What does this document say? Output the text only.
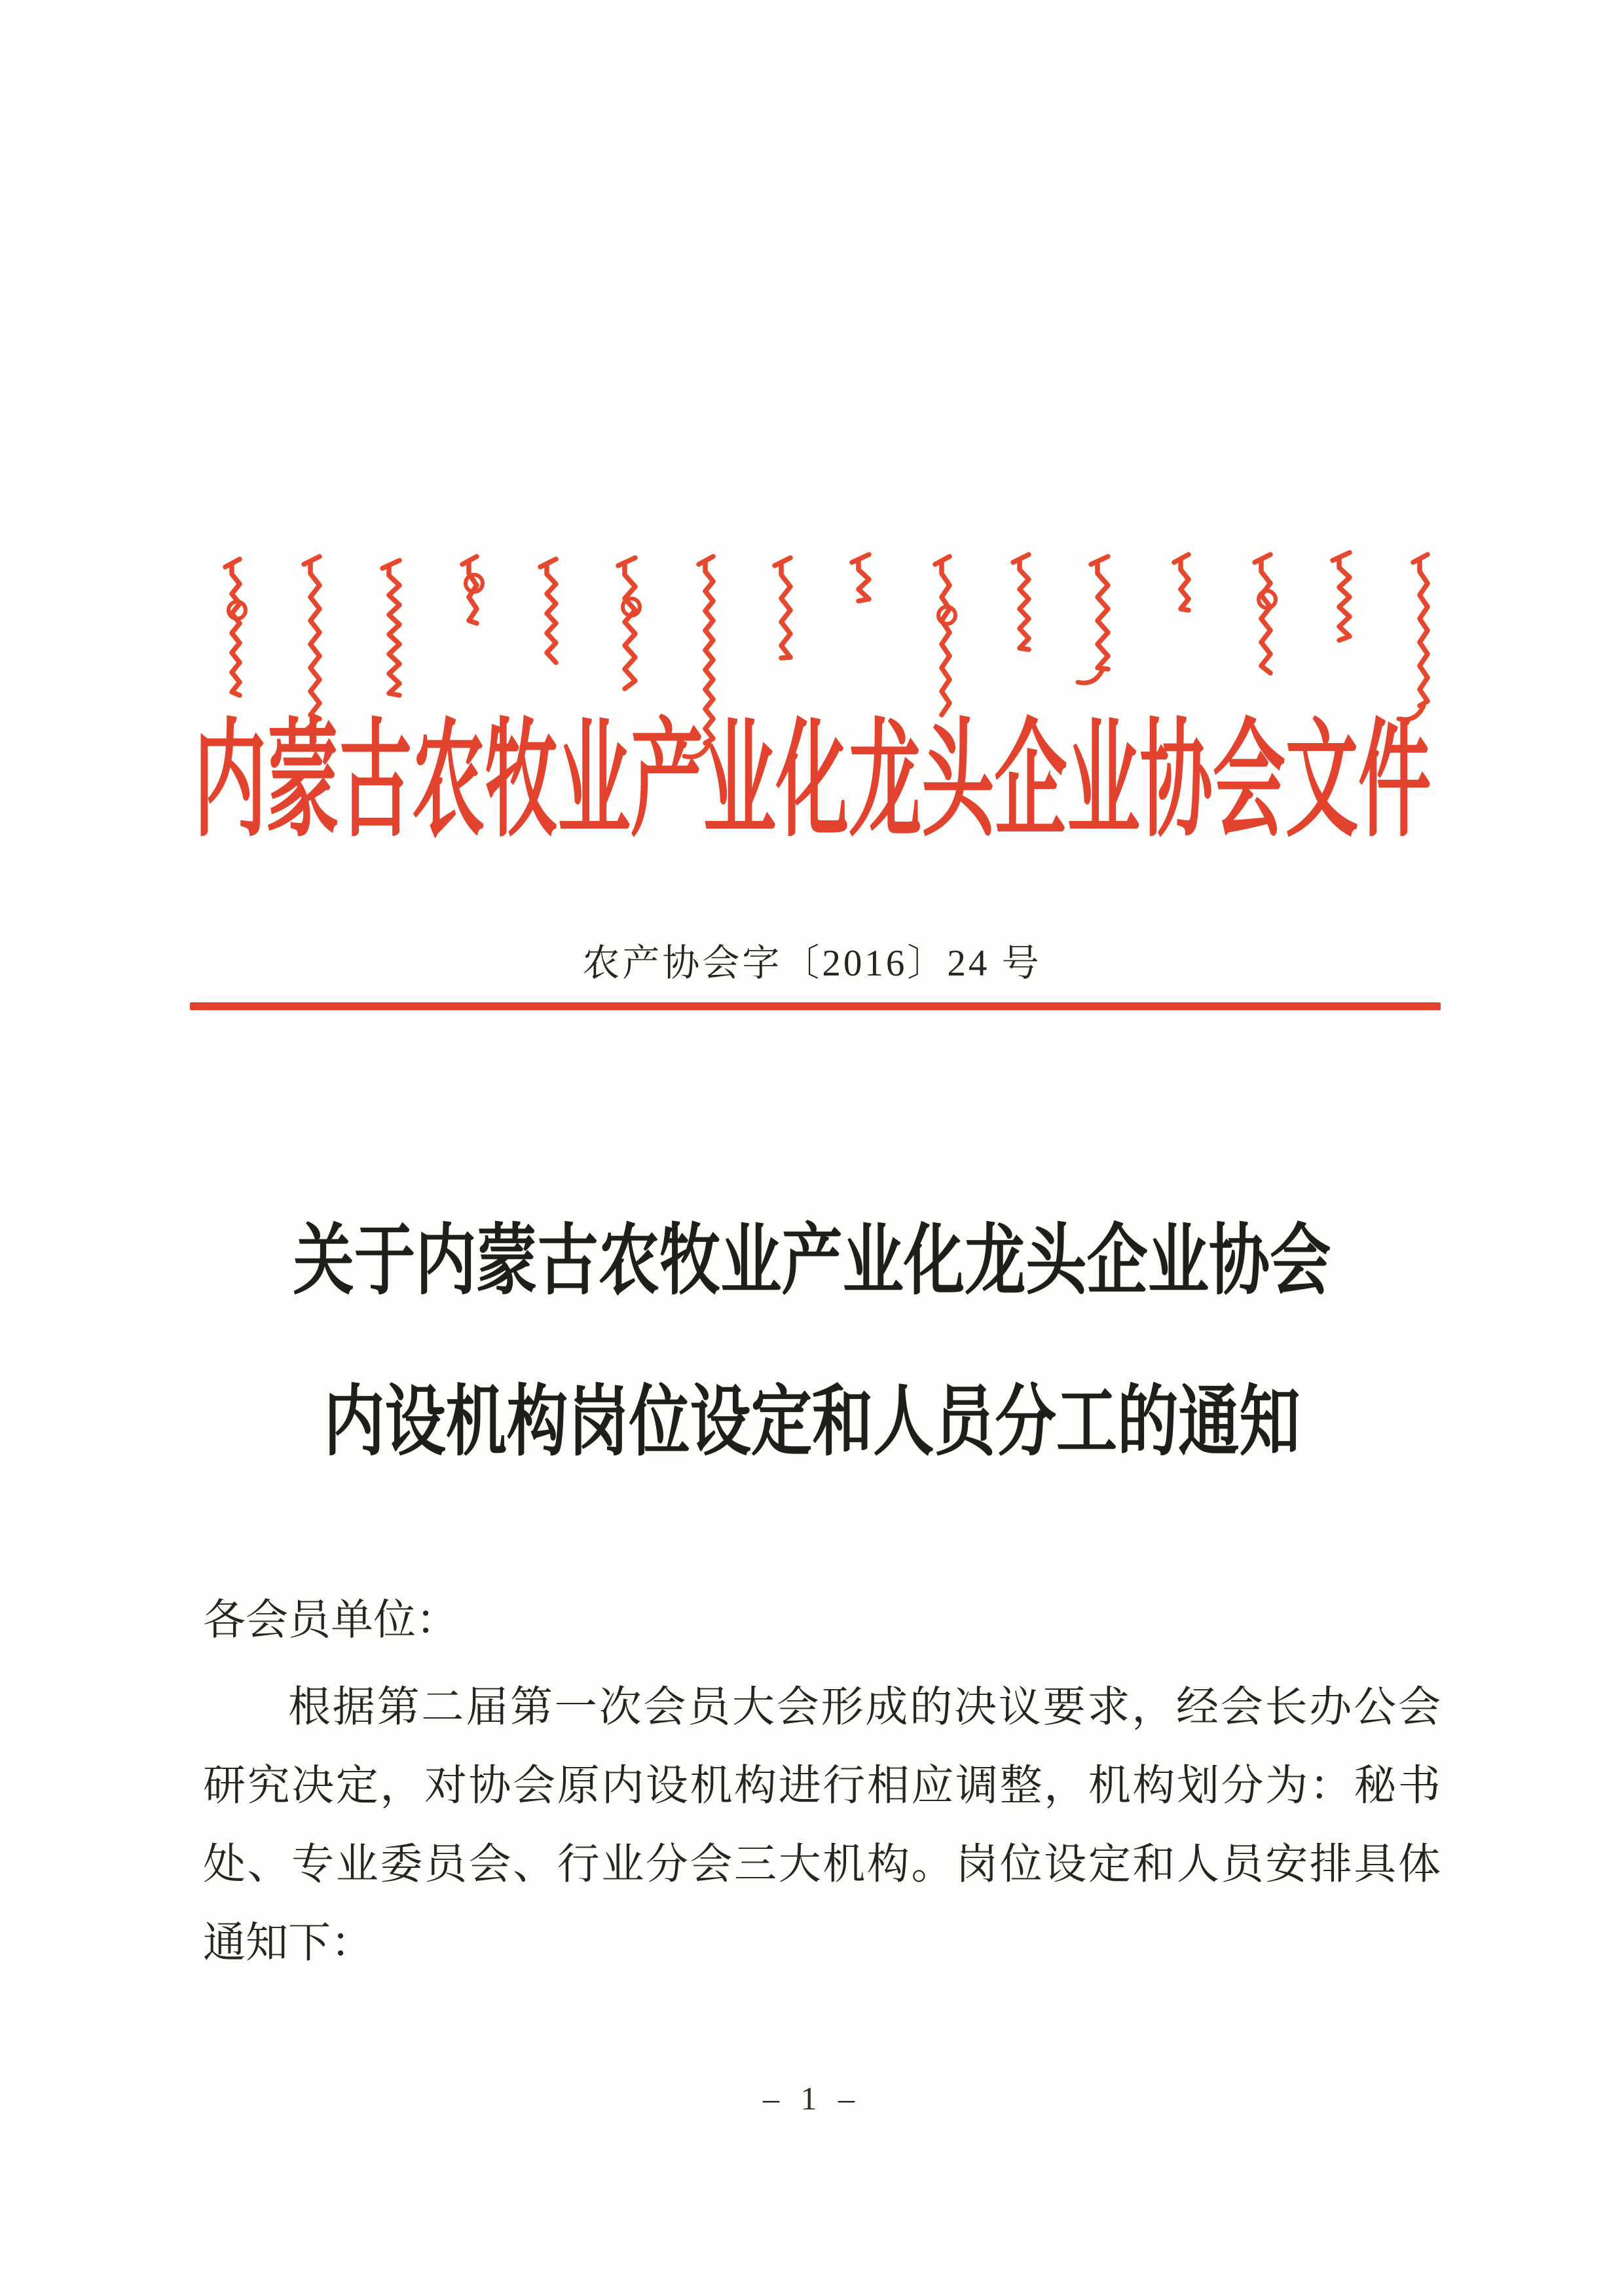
内蒙古农牧业产业化龙头企业协会文件
农产协会字〔2016〕24 号
关于内蒙古农牧业产业化龙头企业协会
内设机构岗位设定和人员分工的通知
各会员单位：
根据第二届第一次会员大会形成的决议要求，经会长办公会
研究决定，对协会原内设机构进行相应调整，机构划分为：秘书
处、专业委员会、行业分会三大机构。岗位设定和人员安排具体
通知下：
– 1 –
